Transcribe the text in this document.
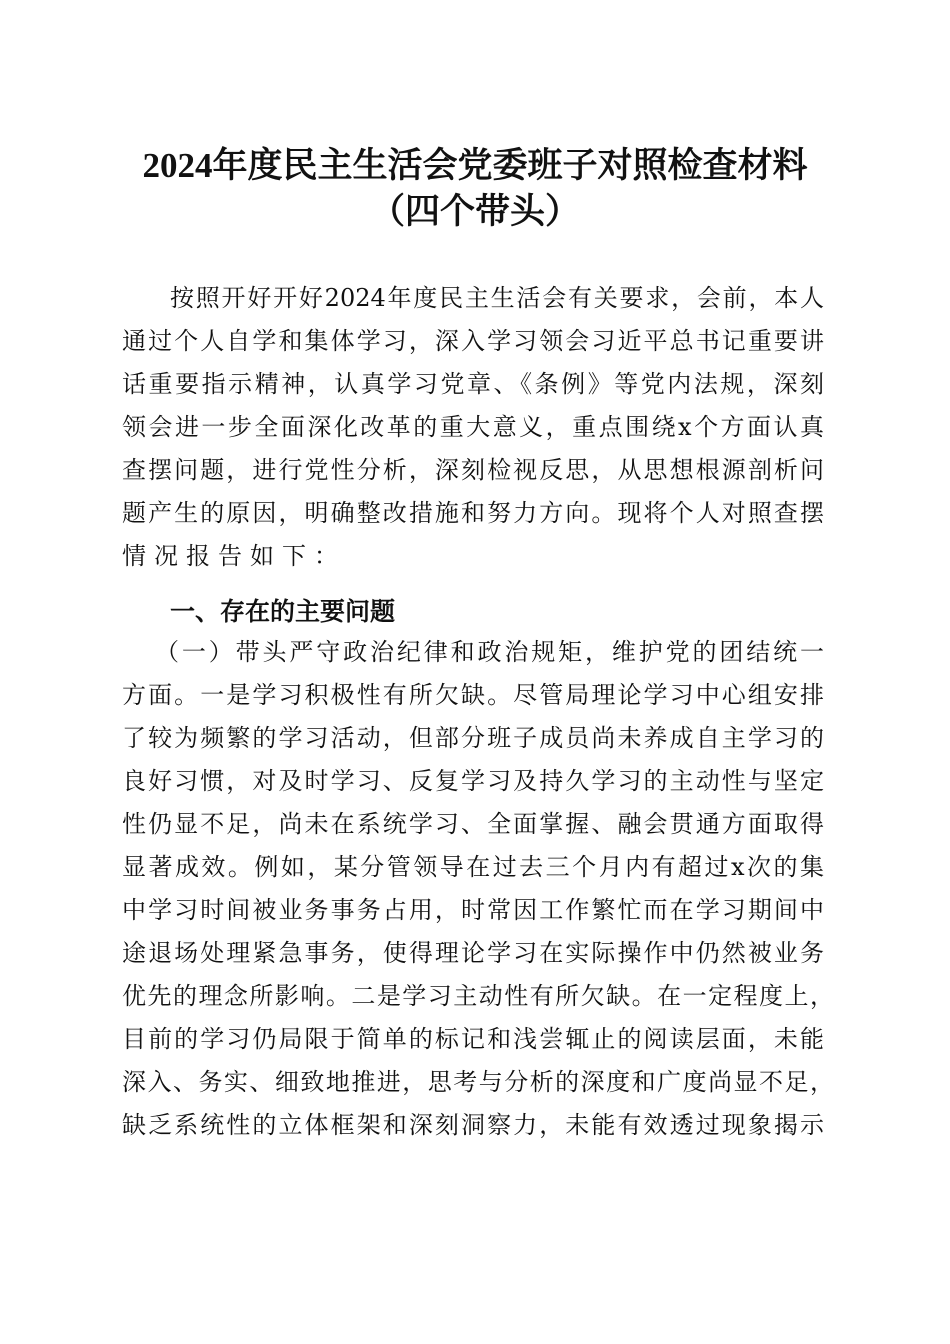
2024年度民主生活会党委班子对照检查材料
（四个带头）
按照开好开好2024年度民主生活会有关要求，会前，本人
通过个人自学和集体学习，深入学习领会习近平总书记重要讲
话重要指示精神，认真学习党章、《条例》等党内法规，深刻
领会进一步全面深化改革的重大意义，重点围绕x个方面认真
查摆问题，进行党性分析，深刻检视反思，从思想根源剖析问
题产生的原因，明确整改措施和努力方向。现将个人对照查摆
情况报告如下：
一、存在的主要问题
（一）带头严守政治纪律和政治规矩，维护党的团结统一
方面。一是学习积极性有所欠缺。尽管局理论学习中心组安排
了较为频繁的学习活动，但部分班子成员尚未养成自主学习的
良好习惯，对及时学习、反复学习及持久学习的主动性与坚定
性仍显不足，尚未在系统学习、全面掌握、融会贯通方面取得
显著成效。例如，某分管领导在过去三个月内有超过x次的集
中学习时间被业务事务占用，时常因工作繁忙而在学习期间中
途退场处理紧急事务，使得理论学习在实际操作中仍然被业务
优先的理念所影响。二是学习主动性有所欠缺。在一定程度上，
目前的学习仍局限于简单的标记和浅尝辄止的阅读层面，未能
深入、务实、细致地推进，思考与分析的深度和广度尚显不足，
缺乏系统性的立体框架和深刻洞察力，未能有效透过现象揭示
